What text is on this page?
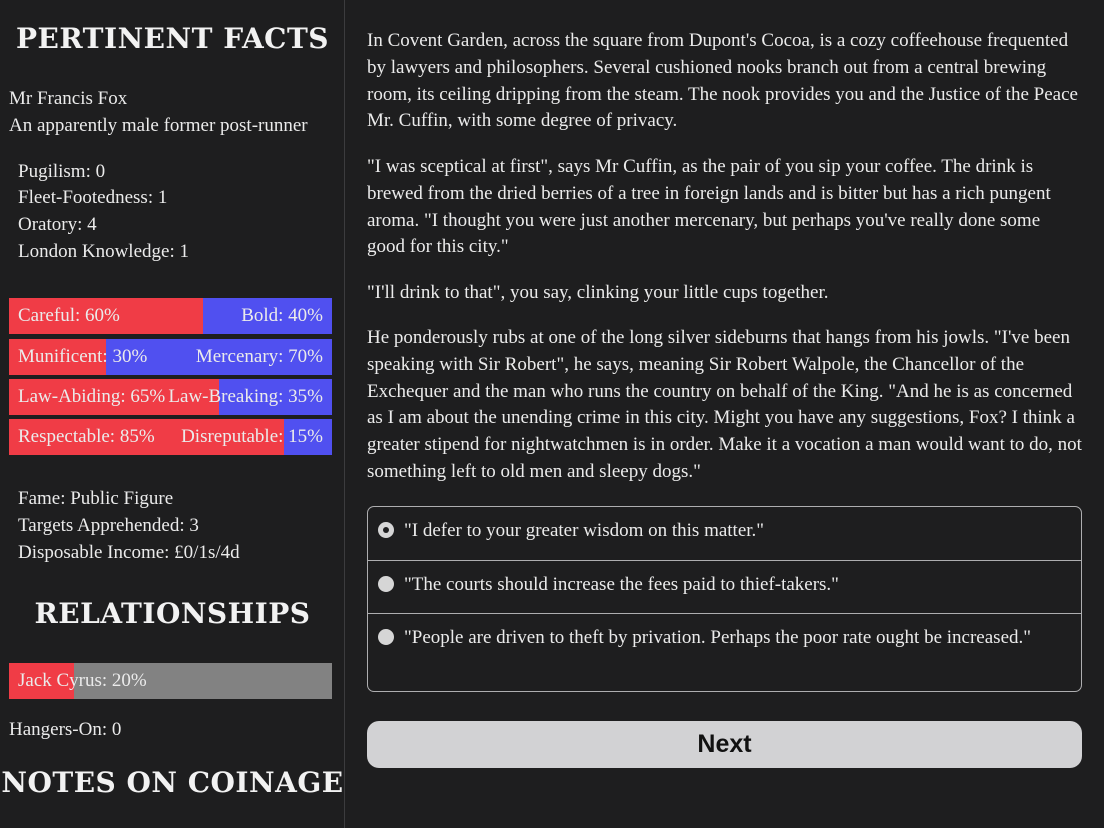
PERTINENT FACTS
Mr Francis Fox
An apparently male former post-runner
Pugilism: 0
Fleet-Footedness: 1
Oratory: 4
London Knowledge: 1
Careful: 60%	Bold: 40%
Munificent: 30%	Mercenary: 70%
Law-Abiding: 65% Law-Breaking: 35%
Respectable: 85% Disreputable: 15%
Fame: Public Figure
Targets Apprehended: 3
Disposable Income: £0/1s/4d
RELATIONSHIPS
Jack Cyrus: 20%
Hangers-On: 0
NOTES ON COINAGE
In Covent Garden, across the square from Dupont's Cocoa, is a cozy coffeehouse frequented by lawyers and philosophers. Several cushioned nooks branch out from a central brewing room, its ceiling dripping from the steam. The nook provides you and the Justice of the Peace Mr. Cuffin, with some degree of privacy.
"I was sceptical at first", says Mr Cuffin, as the pair of you sip your coffee. The drink is brewed from the dried berries of a tree in foreign lands and is bitter but has a rich pungent aroma. "I thought you were just another mercenary, but perhaps you've really done some good for this city."
"I'll drink to that", you say, clinking your little cups together.
He ponderously rubs at one of the long silver sideburns that hangs from his jowls. "I've been speaking with Sir Robert", he says, meaning Sir Robert Walpole, the Chancellor of the Exchequer and the man who runs the country on behalf of the King. "And he is as concerned as I am about the unending crime in this city. Might you have any suggestions, Fox? I think a greater stipend for nightwatchmen is in order. Make it a vocation a man would want to do, not something left to old men and sleepy dogs."
"I defer to your greater wisdom on this matter."
"The courts should increase the fees paid to thief-takers."
"People are driven to theft by privation. Perhaps the poor rate ought be increased."
Next
